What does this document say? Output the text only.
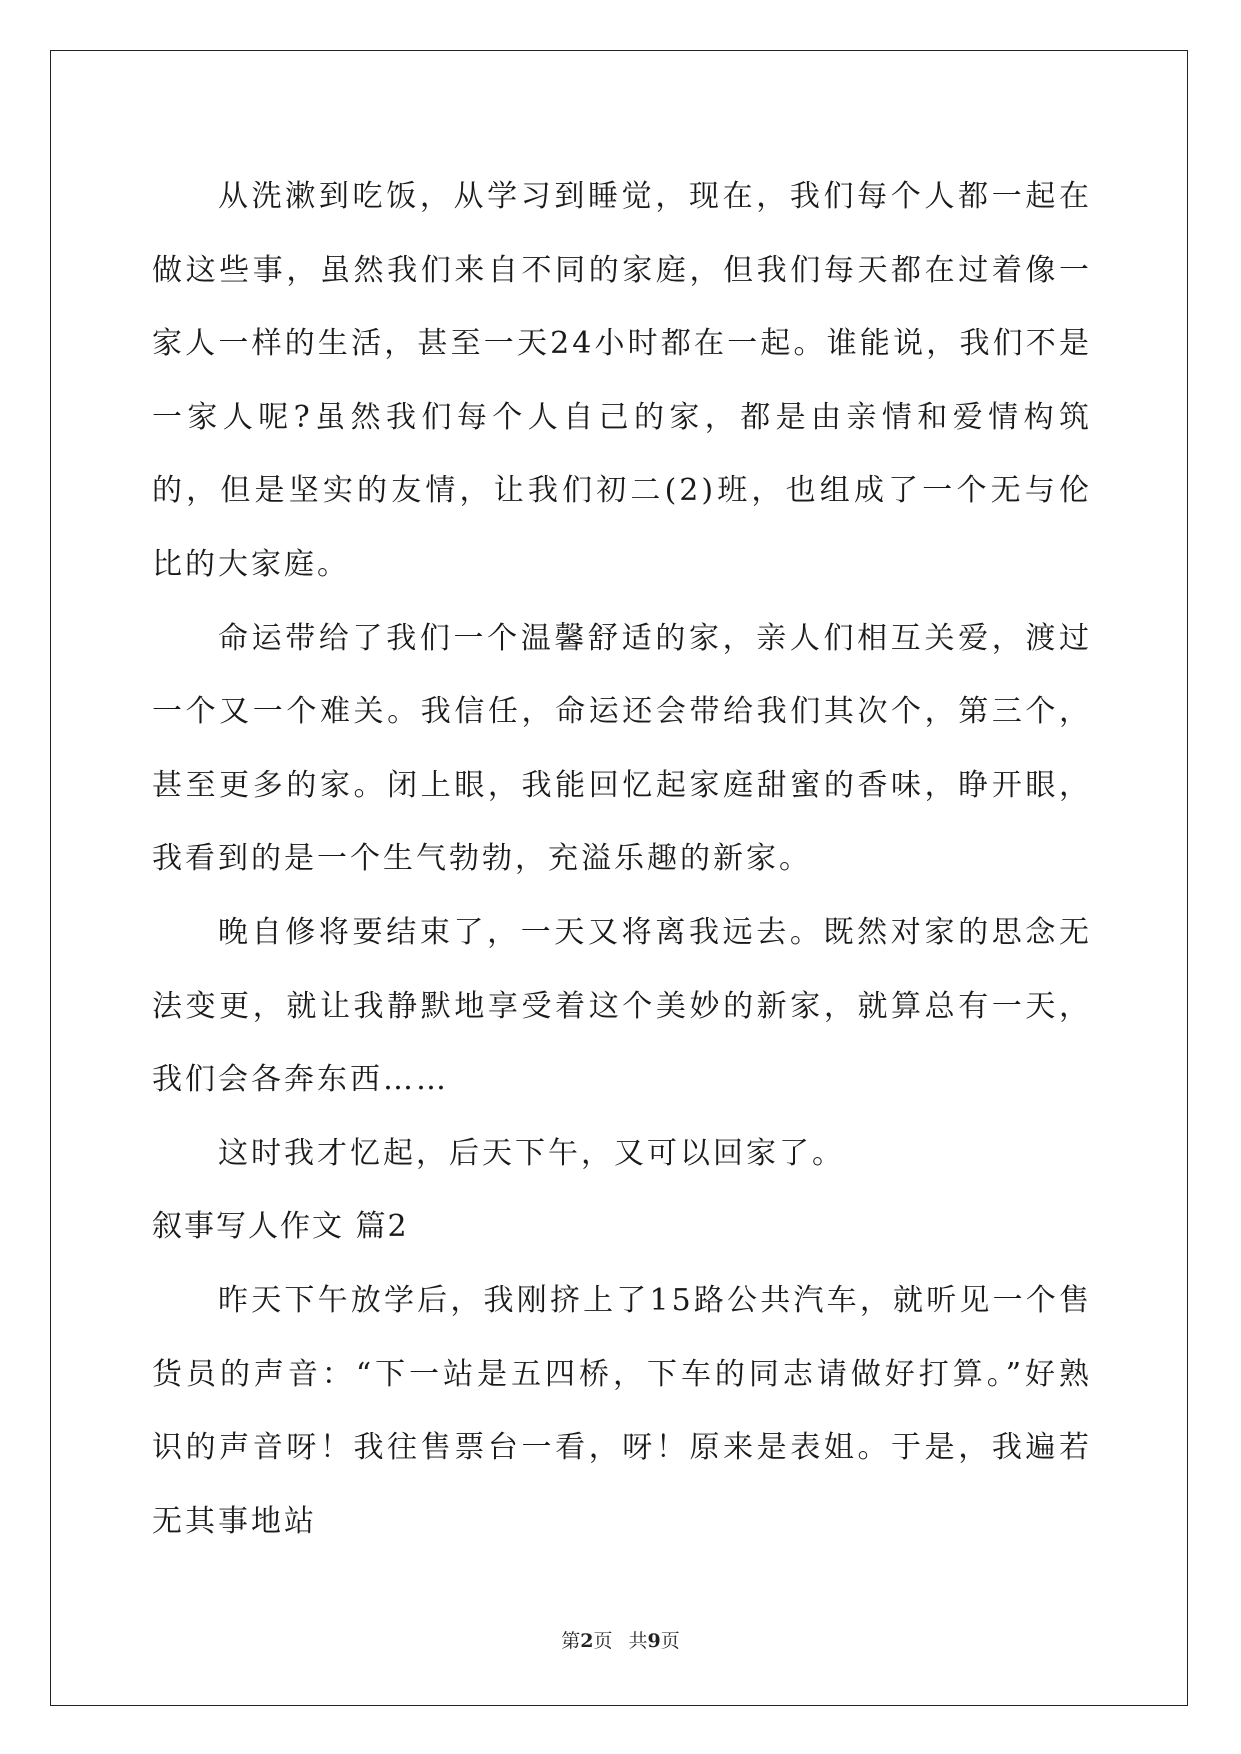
从洗漱到吃饭，从学习到睡觉，现在，我们每个人都一起在做这些事，虽然我们来自不同的家庭，但我们每天都在过着像一家人一样的生活，甚至一天24小时都在一起。谁能说，我们不是一家人呢?虽然我们每个人自己的家，都是由亲情和爱情构筑的，但是坚实的友情，让我们初二(2)班，也组成了一个无与伦比的大家庭。

命运带给了我们一个温馨舒适的家，亲人们相互关爱，渡过一个又一个难关。我信任，命运还会带给我们其次个，第三个，甚至更多的家。闭上眼，我能回忆起家庭甜蜜的香味，睁开眼，我看到的是一个生气勃勃，充溢乐趣的新家。

晚自修将要结束了，一天又将离我远去。既然对家的思念无法变更，就让我静默地享受着这个美妙的新家，就算总有一天，我们会各奔东西……

这时我才忆起，后天下午，又可以回家了。

叙事写人作文 篇2

昨天下午放学后，我刚挤上了15路公共汽车，就听见一个售货员的声音：“下一站是五四桥，下车的同志请做好打算。”好熟识的声音呀！我往售票台一看，呀！原来是表姐。于是，我遍若无其事地站

第2页 共9页
